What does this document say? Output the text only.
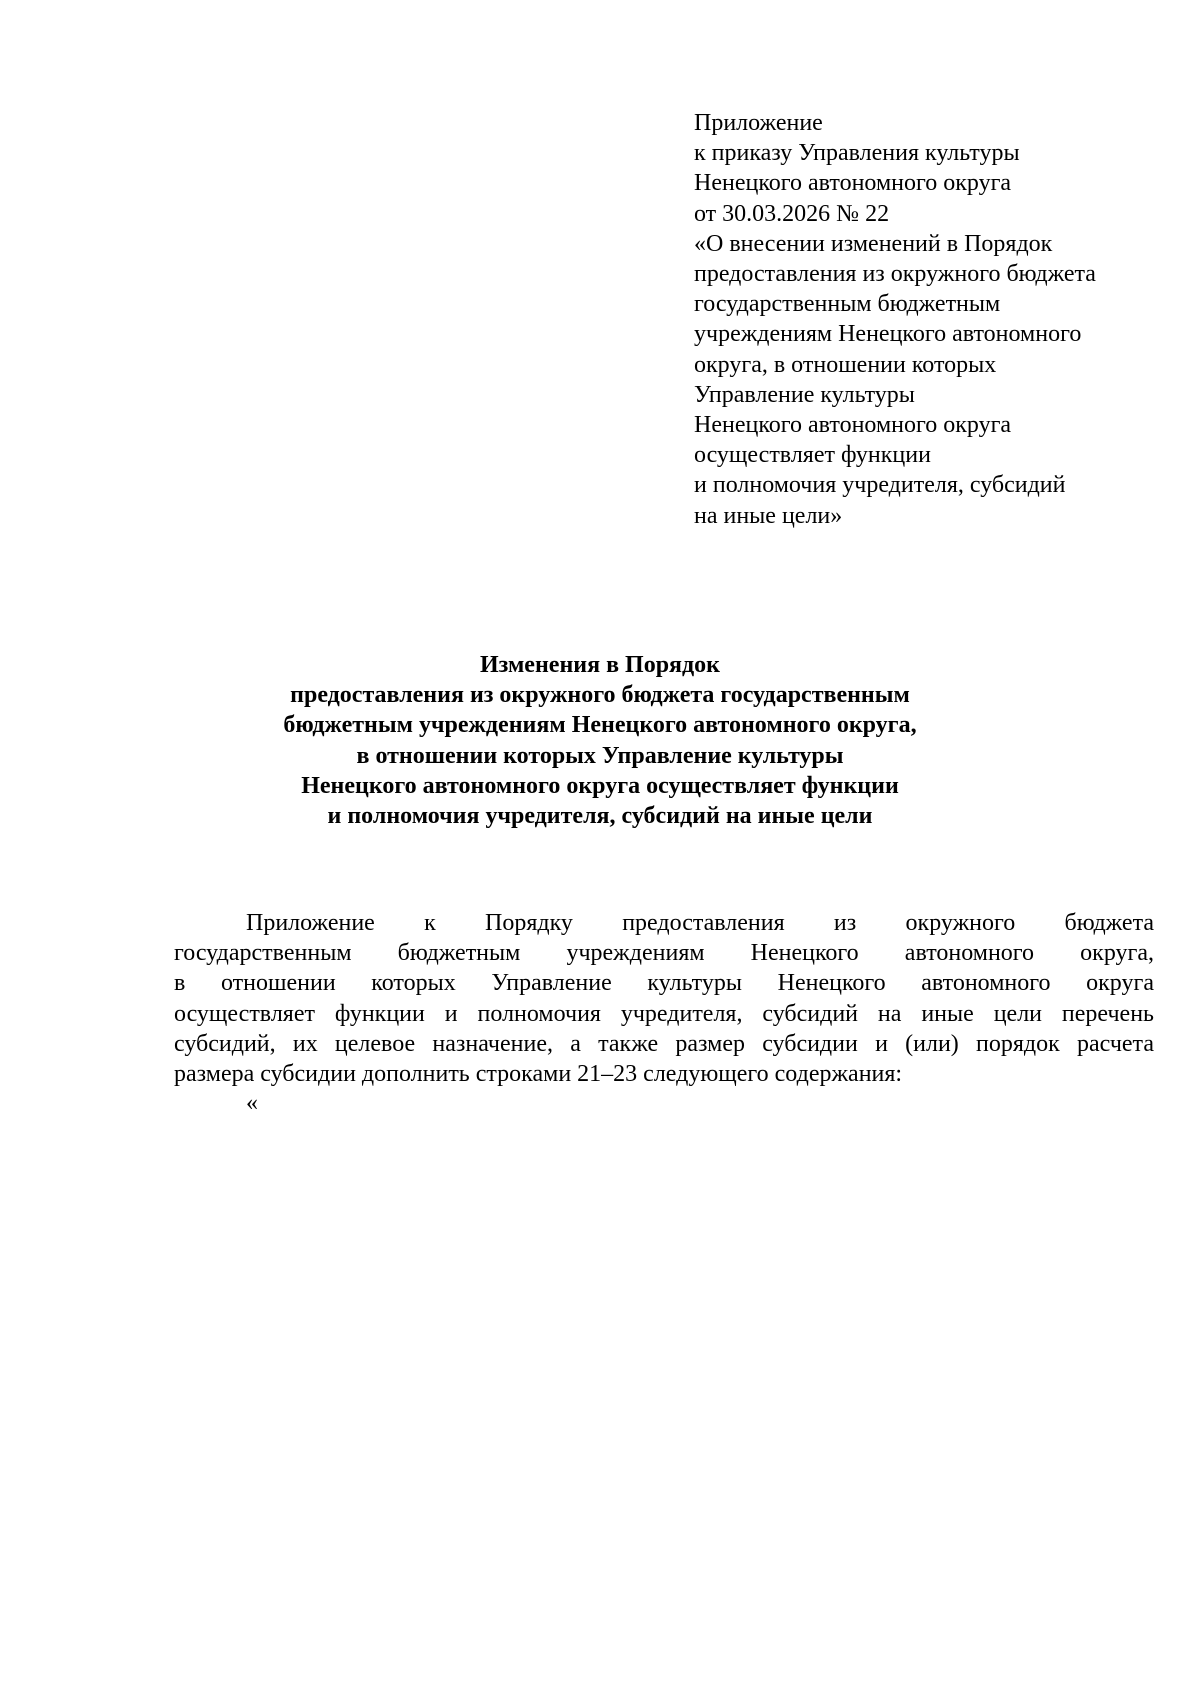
Приложение
к приказу Управления культуры
Ненецкого автономного округа
от 30.03.2026 № 22
«О внесении изменений в Порядок
предоставления из окружного бюджета
государственным бюджетным
учреждениям Ненецкого автономного
округа, в отношении которых
Управление культуры
Ненецкого автономного округа
осуществляет функции
и полномочия учредителя, субсидий
на иные цели»
Изменения в Порядок
предоставления из окружного бюджета государственным
бюджетным учреждениям Ненецкого автономного округа,
в отношении которых Управление культуры
Ненецкого автономного округа осуществляет функции
и полномочия учредителя, субсидий на иные цели
Приложение к Порядку предоставления из окружного бюджета
государственным бюджетным учреждениям Ненецкого автономного округа,
в отношении которых Управление культуры Ненецкого автономного округа
осуществляет функции и полномочия учредителя, субсидий на иные цели перечень
субсидий, их целевое назначение, а также размер субсидии и (или) порядок расчета
размера субсидии дополнить строками 21–23 следующего содержания:
«
